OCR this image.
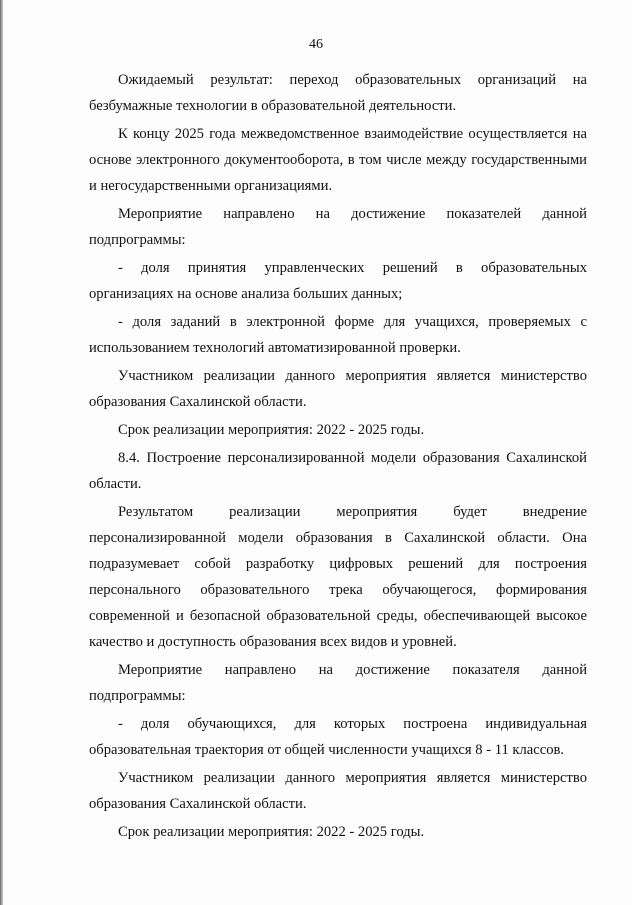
46

Ожидаемый результат: переход образовательных организаций на безбумажные технологии в образовательной деятельности.

К концу 2025 года межведомственное взаимодействие осуществляется на основе электронного документооборота, в том числе между государственными и негосударственными организациями.

Мероприятие направлено на достижение показателей данной подпрограммы:

- доля принятия управленческих решений в образовательных организациях на основе анализа больших данных;

- доля заданий в электронной форме для учащихся, проверяемых с использованием технологий автоматизированной проверки.

Участником реализации данного мероприятия является министерство образования Сахалинской области.

Срок реализации мероприятия: 2022 - 2025 годы.

8.4. Построение персонализированной модели образования Сахалинской области.

Результатом реализации мероприятия будет внедрение персонализированной модели образования в Сахалинской области. Она подразумевает собой разработку цифровых решений для построения персонального образовательного трека обучающегося, формирования современной и безопасной образовательной среды, обеспечивающей высокое качество и доступность образования всех видов и уровней.

Мероприятие направлено на достижение показателя данной подпрограммы:

- доля обучающихся, для которых построена индивидуальная образовательная траектория от общей численности учащихся 8 - 11 классов.

Участником реализации данного мероприятия является министерство образования Сахалинской области.

Срок реализации мероприятия: 2022 - 2025 годы.
